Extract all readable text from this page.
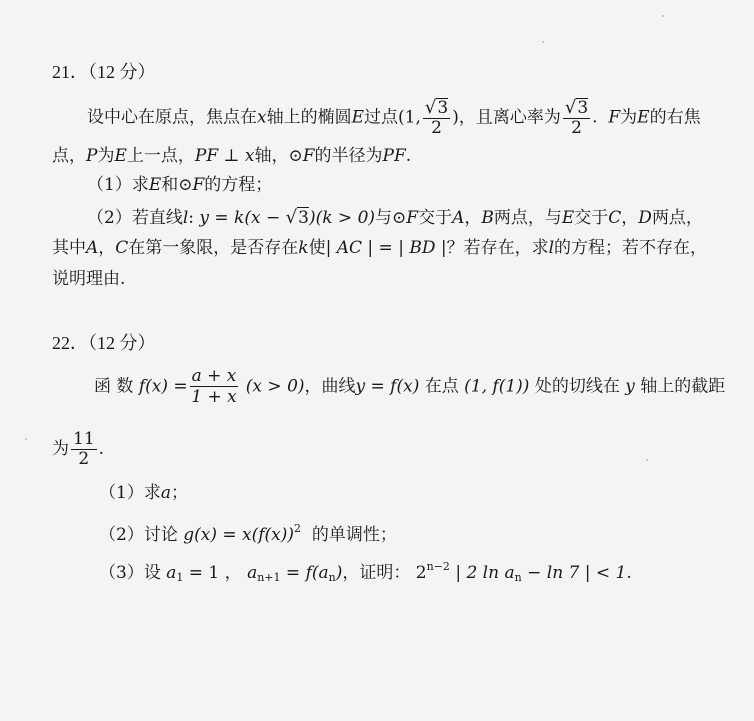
21．（12 分）
设中心在原点，焦点在x轴上的椭圆E过点(1, $\frac{√3}{2}$ )，且离心率为 $\frac{√3}{2}$ . F为E的右焦
点，P为E上一点，PF ⊥ x轴，⊙F的半径为PF.
（1）求E和⊙F的方程；
（2）若直线l: y = k(x − √3)(k > 0)与⊙F交于A，B两点，与E交于C，D两点，
其中A，C在第一象限，是否存在k使| AC | = | BD |？若存在，求l的方程；若不存在，
说明理由.
22．（12 分）
函 数 $f(x) = \frac{a + x}{1 + x} (x > 0)$，曲线y = f(x) 在点 (1, f(1)) 处的切线在 y 轴上的截距
为 $\frac{11}{2}$ .
（1）求a；
（2）讨论 $g(x) = x(f(x))^2$ 的单调性；
（3）设 $a_1 = 1$ ， $a_{n+1} = f(a_n)$，证明： $2^{n-2}$ | 2 $\ln a_n - \ln 7$ | < 1.
